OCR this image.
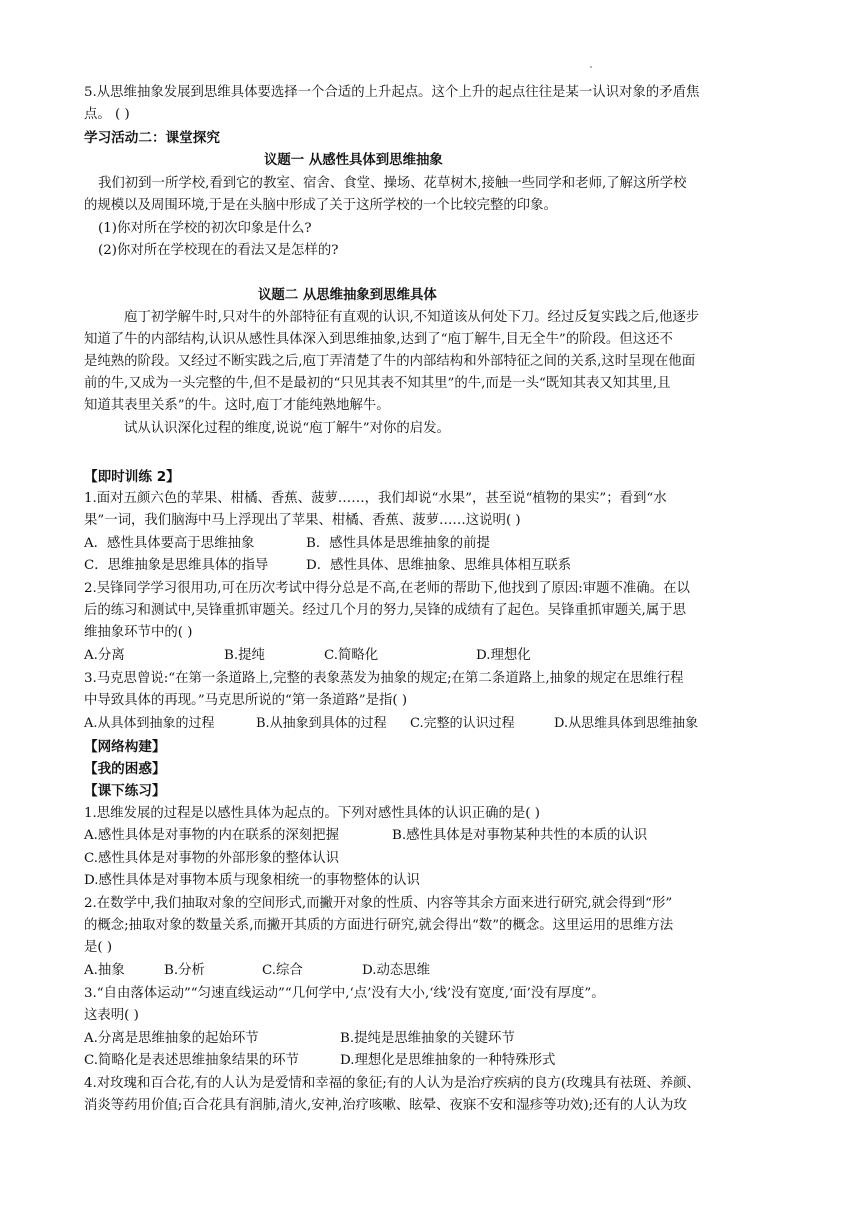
5.从思维抽象发展到思维具体要选择一个合适的上升起点。这个上升的起点往往是某一认识对象的矛盾焦
点。 ( )
学习活动二：课堂探究
议题一 从感性具体到思维抽象
我们初到一所学校,看到它的教室、宿舍、食堂、操场、花草树木,接触一些同学和老师,了解这所学校
的规模以及周围环境,于是在头脑中形成了关于这所学校的一个比较完整的印象。
(1)你对所在学校的初次印象是什么?
(2)你对所在学校现在的看法又是怎样的?
议题二 从思维抽象到思维具体
庖丁初学解牛时,只对牛的外部特征有直观的认识,不知道该从何处下刀。经过反复实践之后,他逐步
知道了牛的内部结构,认识从感性具体深入到思维抽象,达到了“庖丁解牛,目无全牛”的阶段。但这还不
是纯熟的阶段。又经过不断实践之后,庖丁弄清楚了牛的内部结构和外部特征之间的关系,这时呈现在他面
前的牛,又成为一头完整的牛,但不是最初的“只见其表不知其里”的牛,而是一头“既知其表又知其里,且
知道其表里关系”的牛。这时,庖丁才能纯熟地解牛。
试从认识深化过程的维度,说说“庖丁解牛”对你的启发。
【即时训练 2】
1.面对五颜六色的苹果、柑橘、香蕉、菠萝……，我们却说“水果”，甚至说“植物的果实”；看到“水
果”一词，我们脑海中马上浮现出了苹果、柑橘、香蕉、菠萝……这说明( )
A．感性具体要高于思维抽象	B．感性具体是思维抽象的前提
C．思维抽象是思维具体的指导	D．感性具体、思维抽象、思维具体相互联系
2.吴锋同学学习很用功,可在历次考试中得分总是不高,在老师的帮助下,他找到了原因:审题不准确。在以
后的练习和测试中,吴锋重抓审题关。经过几个月的努力,吴锋的成绩有了起色。吴锋重抓审题关,属于思
维抽象环节中的( )
A.分离	B.提纯	C.简略化	D.理想化
3.马克思曾说:“在第一条道路上,完整的表象蒸发为抽象的规定;在第二条道路上,抽象的规定在思维行程
中导致具体的再现。”马克思所说的“第一条道路”是指( )
A.从具体到抽象的过程	B.从抽象到具体的过程 C.完整的认识过程	D.从思维具体到思维抽象
【网络构建】
【我的困惑】
【课下练习】
1.思维发展的过程是以感性具体为起点的。下列对感性具体的认识正确的是( )
A.感性具体是对事物的内在联系的深刻把握	B.感性具体是对事物某种共性的本质的认识
C.感性具体是对事物的外部形象的整体认识
D.感性具体是对事物本质与现象相统一的事物整体的认识
2.在数学中,我们抽取对象的空间形式,而撇开对象的性质、内容等其余方面来进行研究,就会得到“形”
的概念;抽取对象的数量关系,而撇开其质的方面进行研究,就会得出“数”的概念。这里运用的思维方法
是( )
A.抽象	B.分析	C.综合	D.动态思维
3.“自由落体运动”“匀速直线运动”“几何学中,‘点’没有大小,‘线’没有宽度,‘面’没有厚度”。
这表明( )
A.分离是思维抽象的起始环节	B.提纯是思维抽象的关键环节
C.简略化是表述思维抽象结果的环节	D.理想化是思维抽象的一种特殊形式
4.对玫瑰和百合花,有的人认为是爱情和幸福的象征;有的人认为是治疗疾病的良方(玫瑰具有祛斑、养颜、
消炎等药用价值;百合花具有润肺,清火,安神,治疗咳嗽、眩晕、夜寐不安和湿疹等功效);还有的人认为玫
